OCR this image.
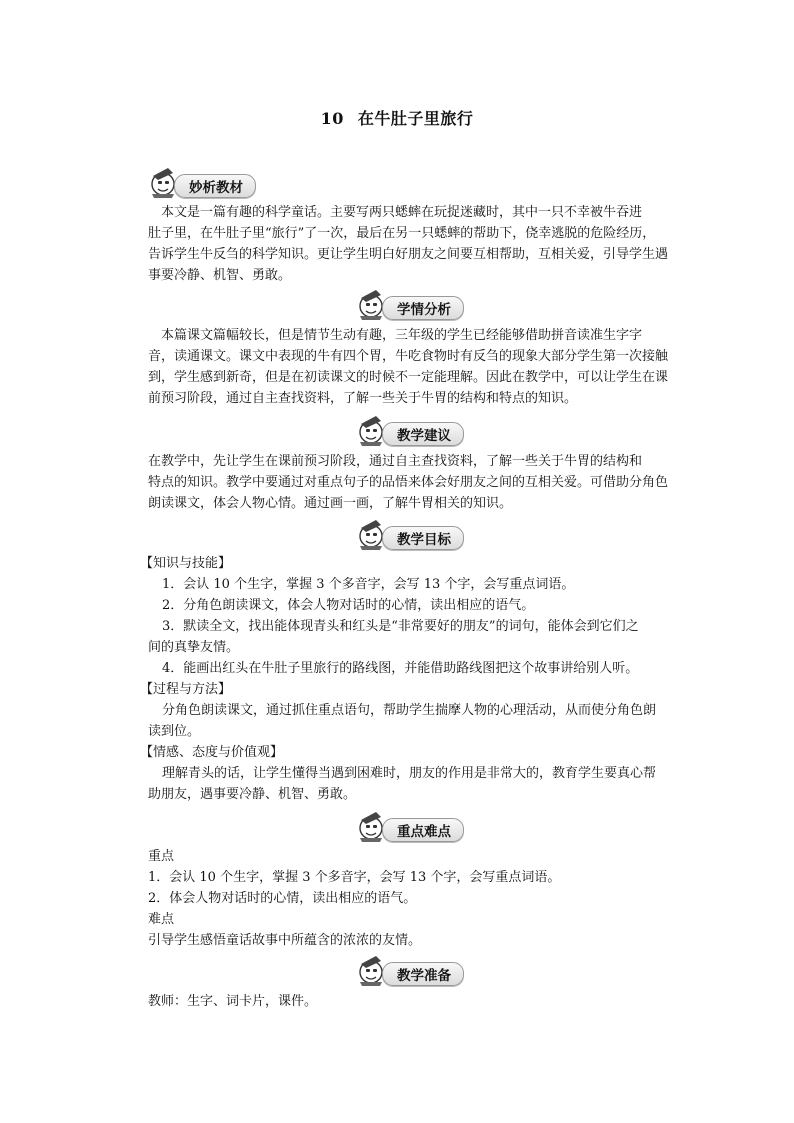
10 在牛肚子里旅行
妙析教材
　本文是一篇有趣的科学童话。主要写两只蟋蟀在玩捉迷藏时，其中一只不幸被牛吞进
肚子里，在牛肚子里“旅行”了一次，最后在另一只蟋蟀的帮助下，侥幸逃脱的危险经历，
告诉学生牛反刍的科学知识。更让学生明白好朋友之间要互相帮助，互相关爱，引导学生遇
事要冷静、机智、勇敢。
学情分析
　本篇课文篇幅较长，但是情节生动有趣，三年级的学生已经能够借助拼音读准生字字
音，读通课文。课文中表现的牛有四个胃，牛吃食物时有反刍的现象大部分学生第一次接触
到，学生感到新奇，但是在初读课文的时候不一定能理解。因此在教学中，可以让学生在课
前预习阶段，通过自主查找资料，了解一些关于牛胃的结构和特点的知识。
教学建议
在教学中，先让学生在课前预习阶段，通过自主查找资料，了解一些关于牛胃的结构和
特点的知识。教学中要通过对重点句子的品悟来体会好朋友之间的互相关爱。可借助分角色
朗读课文，体会人物心情。通过画一画，了解牛胃相关的知识。
教学目标
【知识与技能】
1．会认 10 个生字，掌握 3 个多音字，会写 13 个字，会写重点词语。
2．分角色朗读课文，体会人物对话时的心情，读出相应的语气。
3．默读全文，找出能体现青头和红头是“非常要好的朋友”的词句，能体会到它们之
间的真挚友情。
4．能画出红头在牛肚子里旅行的路线图，并能借助路线图把这个故事讲给别人听。
【过程与方法】
分角色朗读课文，通过抓住重点语句，帮助学生揣摩人物的心理活动，从而使分角色朗
读到位。
【情感、态度与价值观】
理解青头的话，让学生懂得当遇到困难时，朋友的作用是非常大的，教育学生要真心帮
助朋友，遇事要冷静、机智、勇敢。
重点难点
重点
1．会认 10 个生字，掌握 3 个多音字，会写 13 个字，会写重点词语。
2．体会人物对话时的心情，读出相应的语气。
难点
引导学生感悟童话故事中所蕴含的浓浓的友情。
教学准备
教师：生字、词卡片，课件。
